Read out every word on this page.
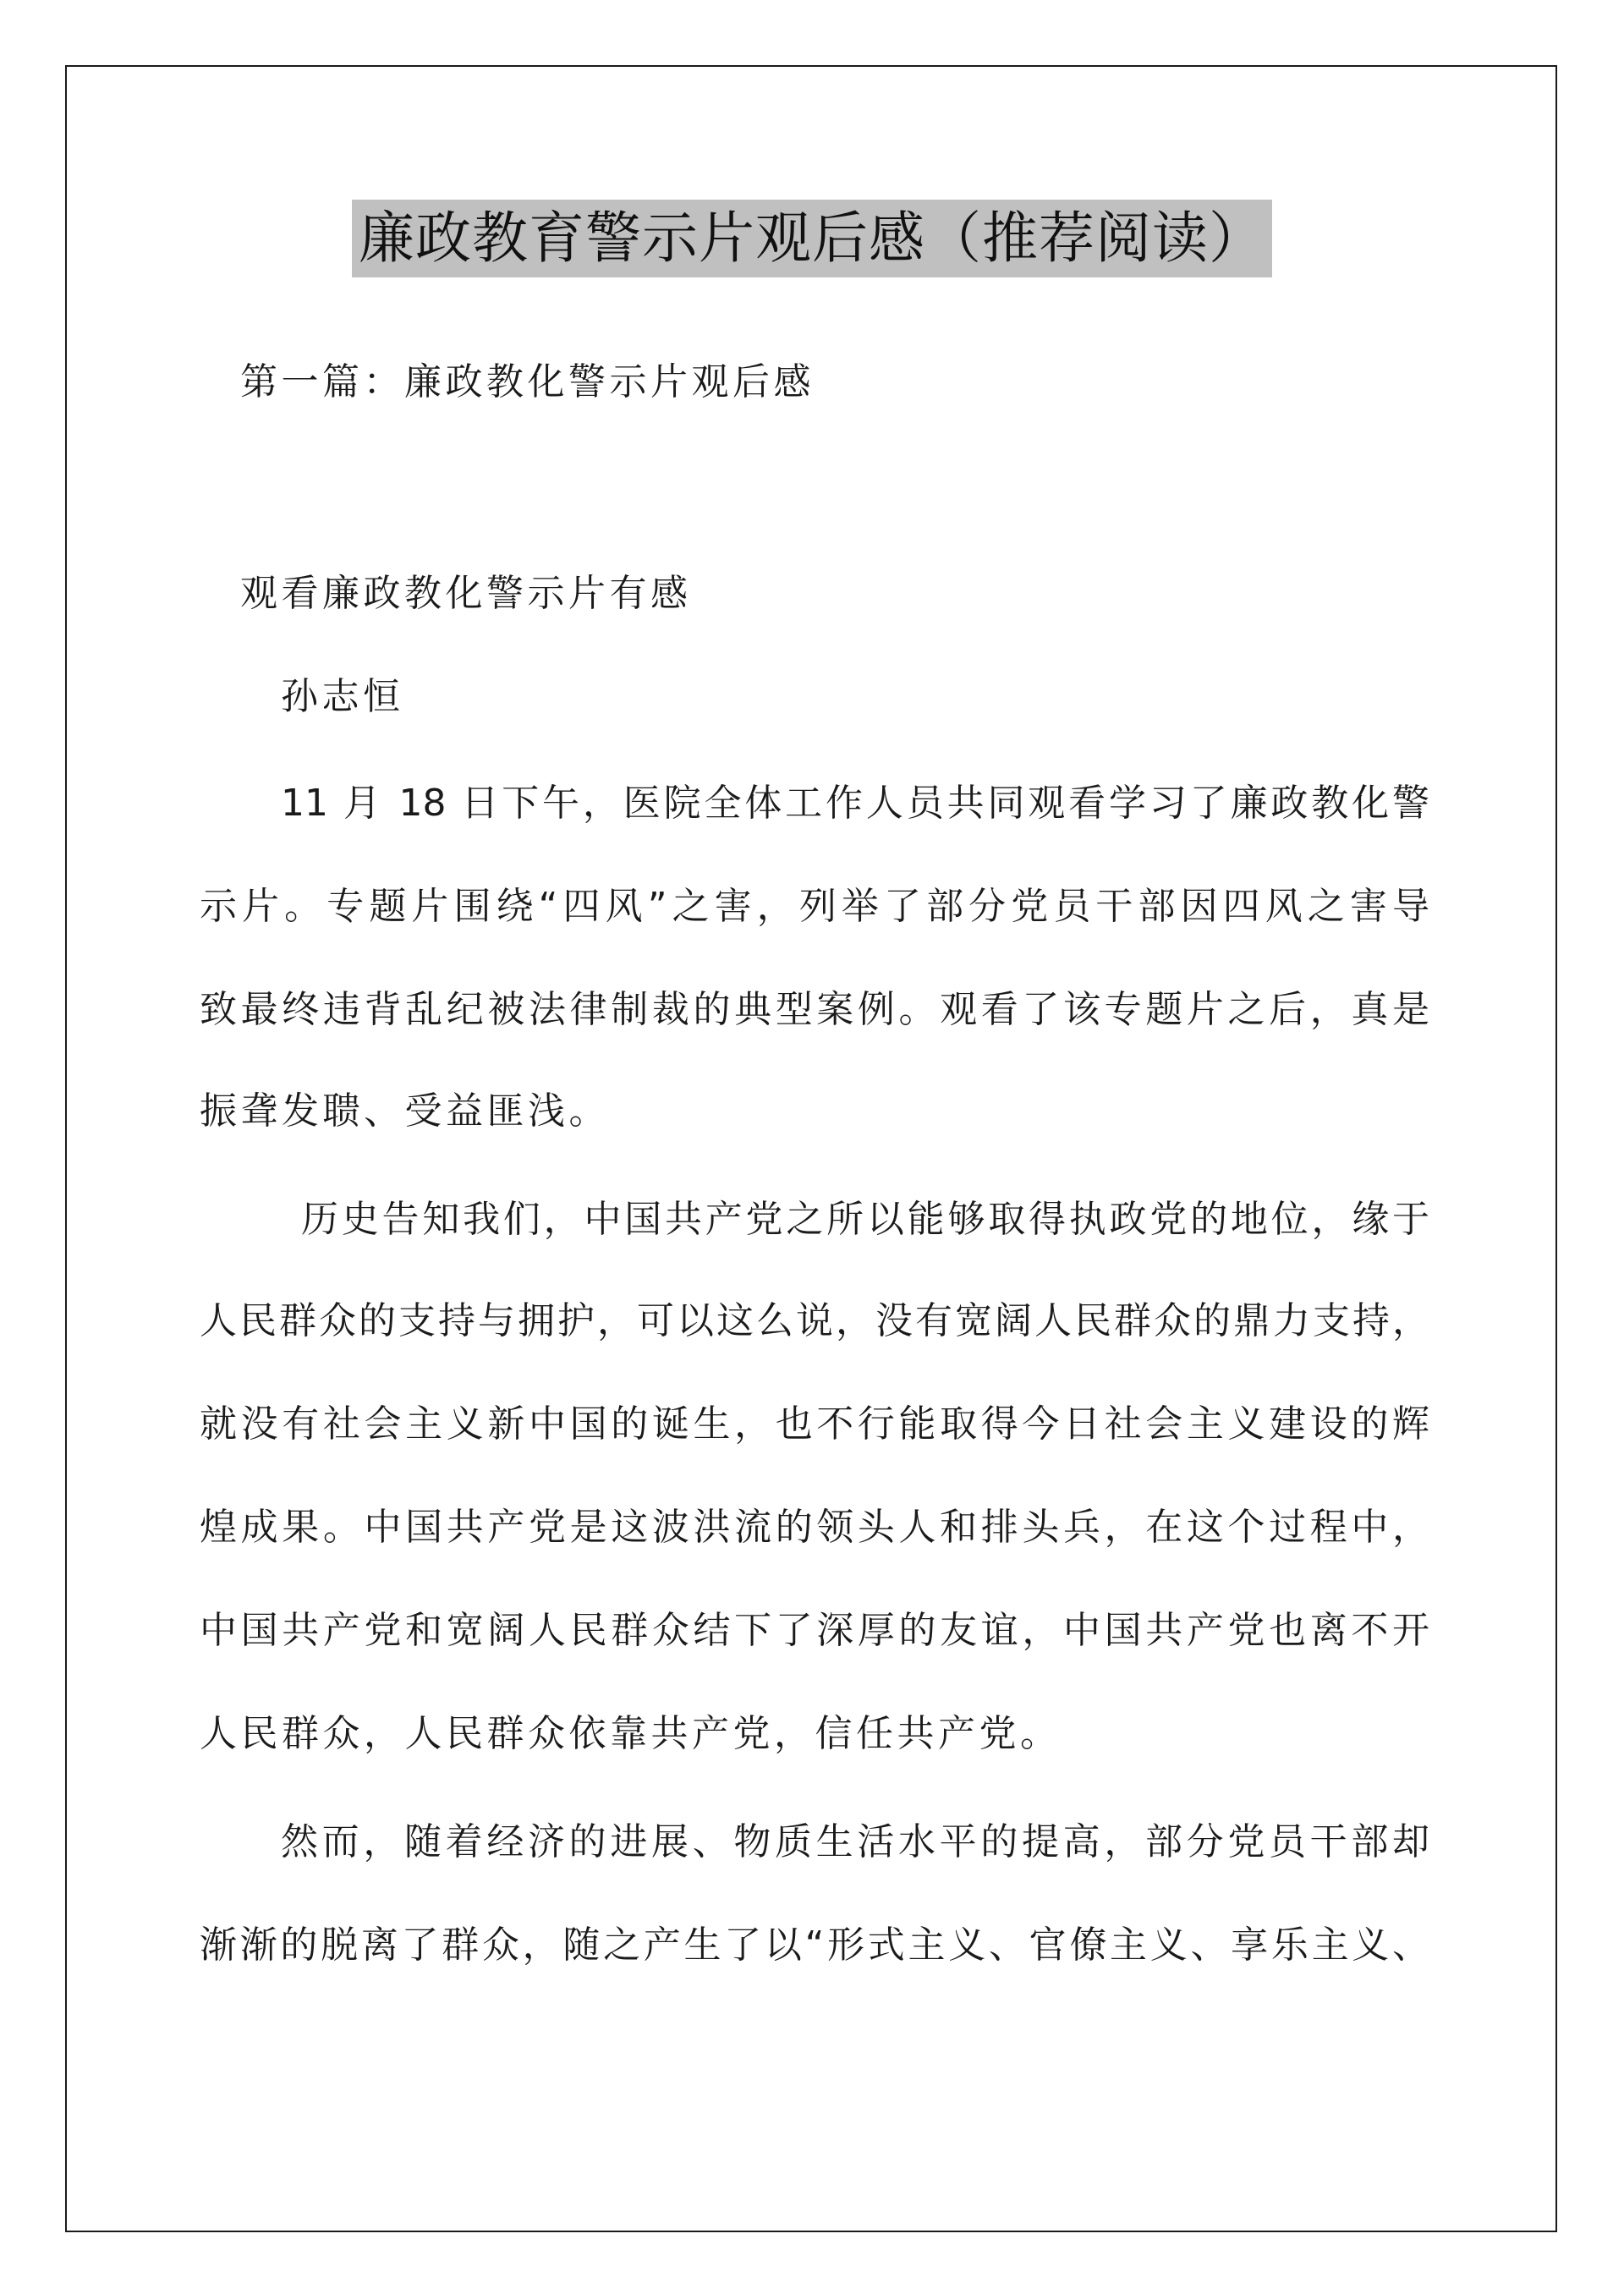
廉政教育警示片观后感（推荐阅读）
第一篇：廉政教化警示片观后感
观看廉政教化警示片有感
孙志恒
11 月 18 日下午，医院全体工作人员共同观看学习了廉政教化警
示片。专题片围绕“四风”之害，列举了部分党员干部因四风之害导
致最终违背乱纪被法律制裁的典型案例。观看了该专题片之后，真是
振聋发聩、受益匪浅。
历史告知我们，中国共产党之所以能够取得执政党的地位，缘于
人民群众的支持与拥护，可以这么说，没有宽阔人民群众的鼎力支持，
就没有社会主义新中国的诞生，也不行能取得今日社会主义建设的辉
煌成果。中国共产党是这波洪流的领头人和排头兵，在这个过程中，
中国共产党和宽阔人民群众结下了深厚的友谊，中国共产党也离不开
人民群众，人民群众依靠共产党，信任共产党。
然而，随着经济的进展、物质生活水平的提高，部分党员干部却
渐渐的脱离了群众，随之产生了以“形式主义、官僚主义、享乐主义、
